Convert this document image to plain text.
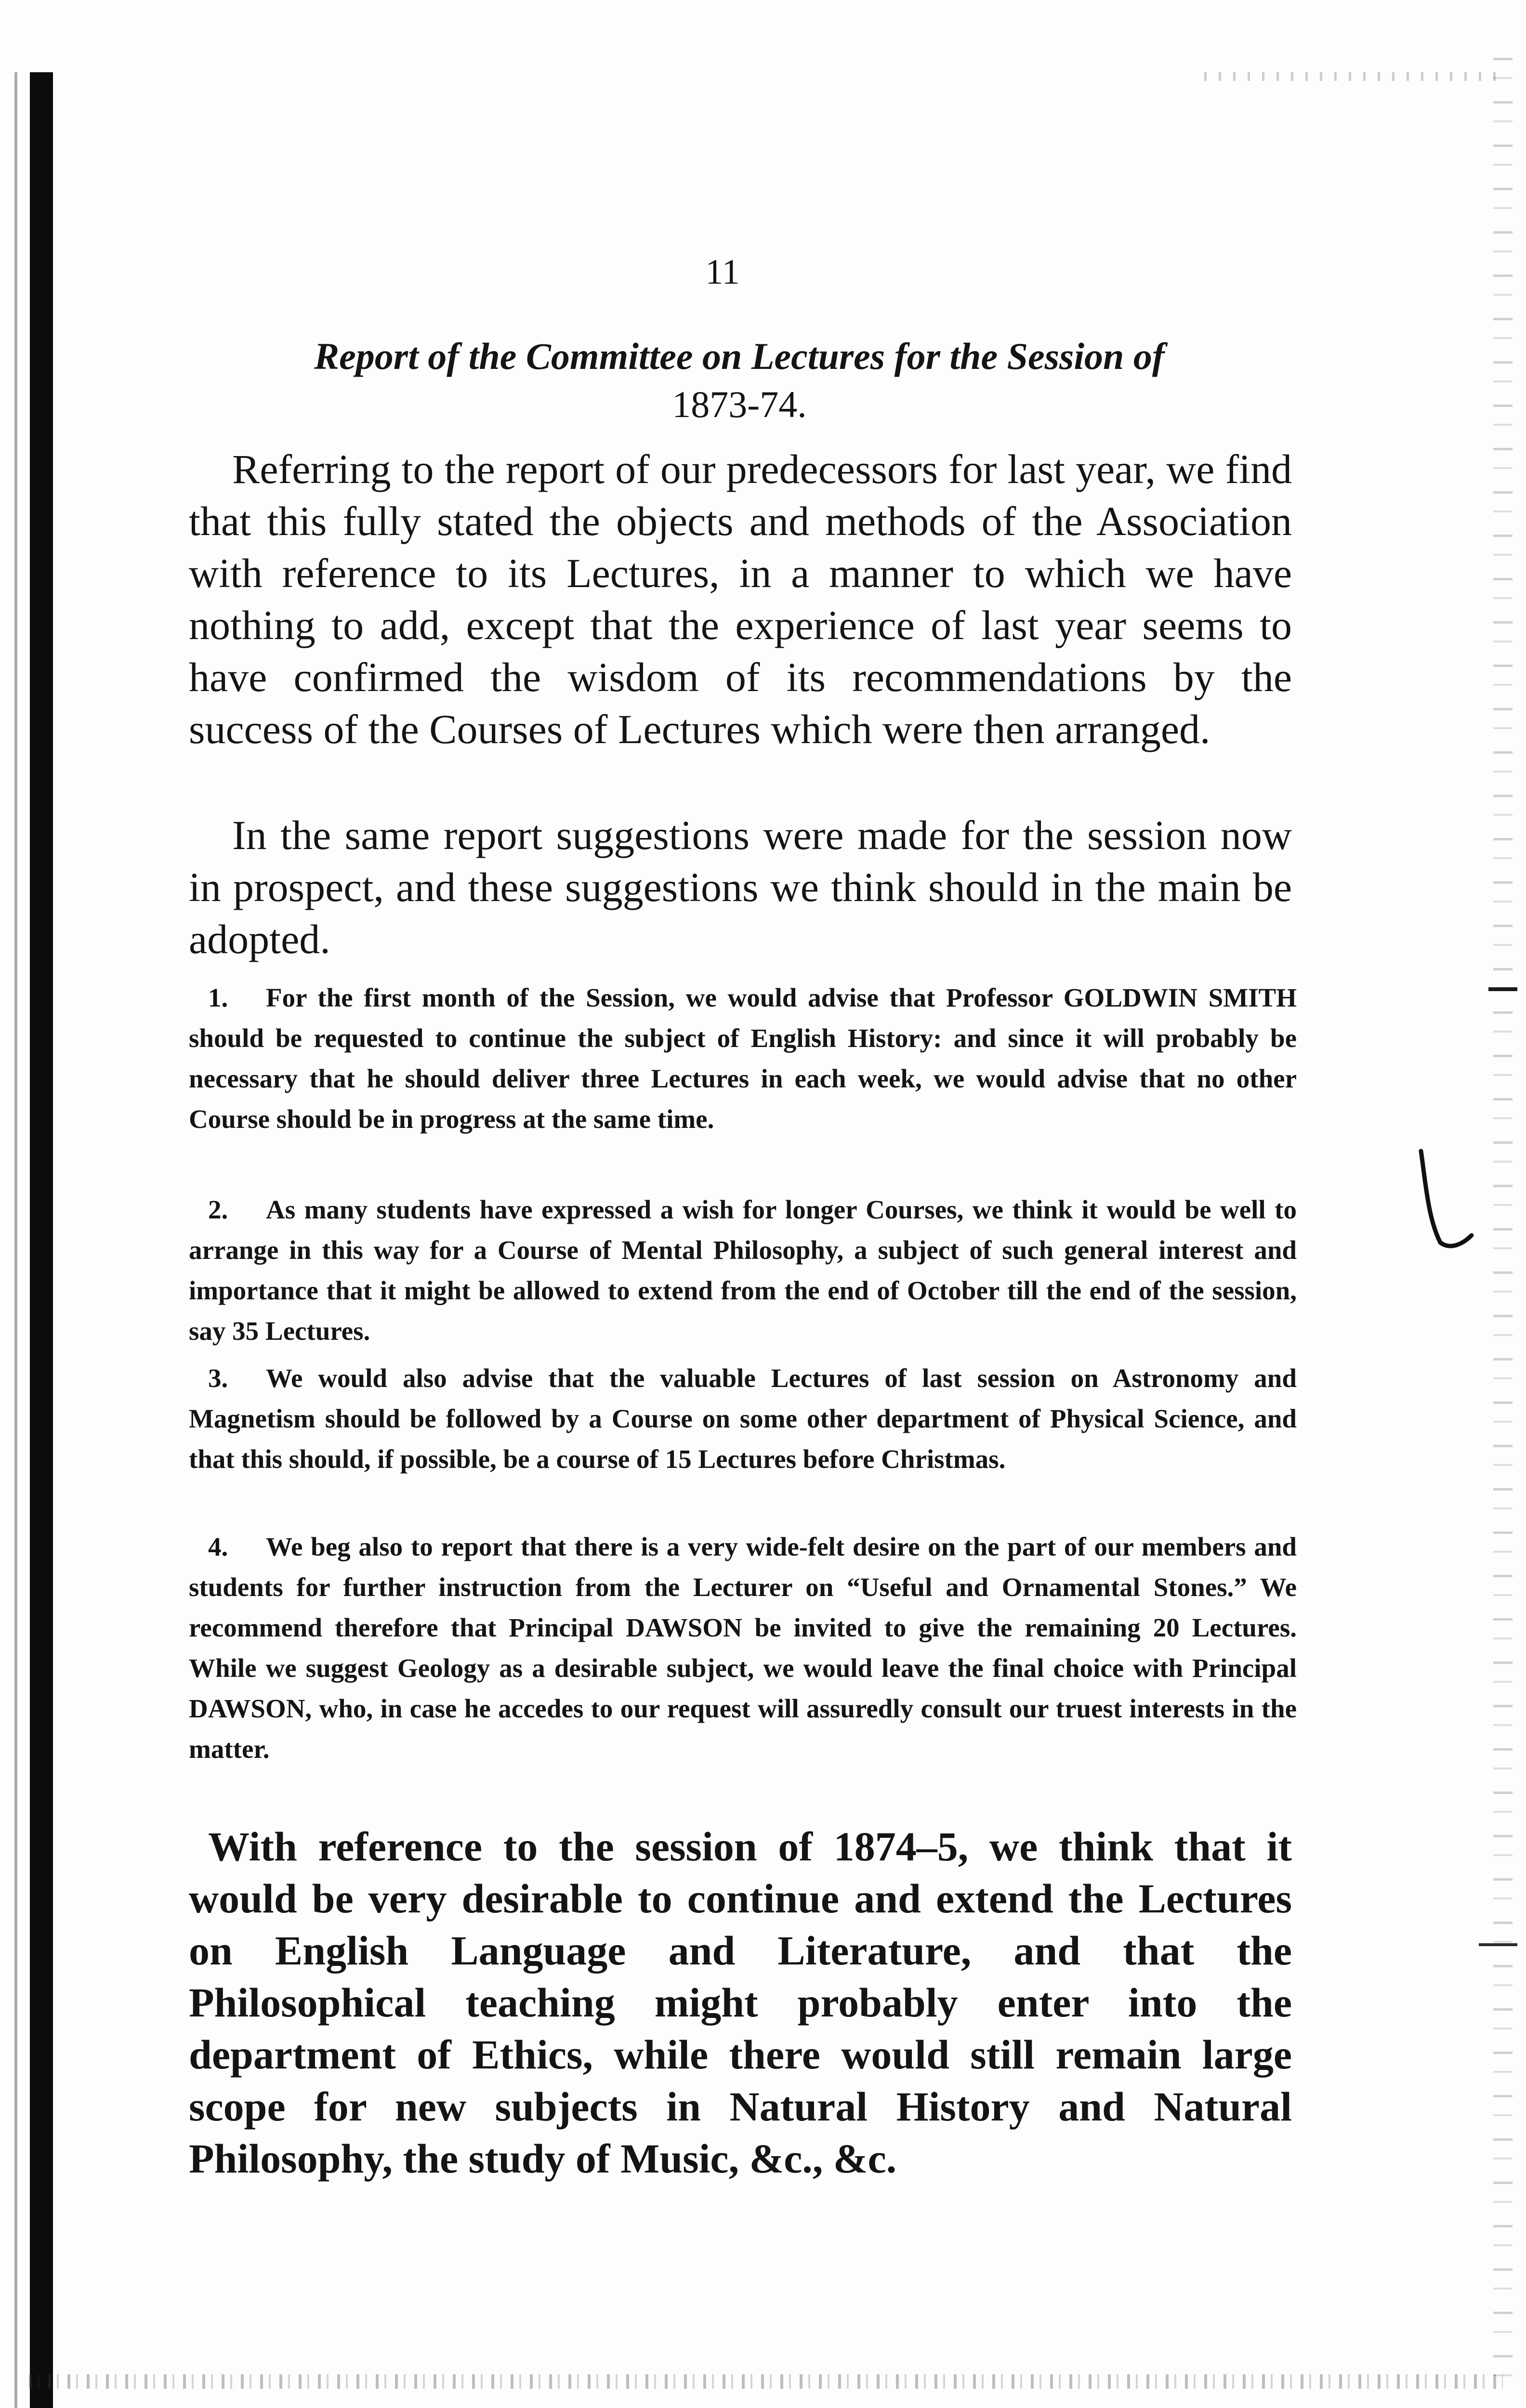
11
Report of the Committee on Lectures for the Session of
1873-74.
Referring to the report of our predecessors for last year, we find that this fully stated the objects and methods of the Association with reference to its Lectures, in a manner to which we have nothing to add, except that the experience of last year seems to have confirmed the wisdom of its recommendations by the success of the Courses of Lectures which were then arranged.
In the same report suggestions were made for the session now in prospect, and these suggestions we think should in the main be adopted.
1. For the first month of the Session, we would advise that Professor GOLDWIN SMITH should be requested to continue the subject of English History: and since it will probably be necessary that he should deliver three Lectures in each week, we would advise that no other Course should be in progress at the same time.
2. As many students have expressed a wish for longer Courses, we think it would be well to arrange in this way for a Course of Mental Philosophy, a subject of such general interest and importance that it might be allowed to extend from the end of October till the end of the session, say 35 Lectures.
3. We would also advise that the valuable Lectures of last session on Astronomy and Magnetism should be followed by a Course on some other department of Physical Science, and that this should, if possible, be a course of 15 Lectures before Christmas.
4. We beg also to report that there is a very wide-felt desire on the part of our members and students for further instruction from the Lecturer on “Useful and Ornamental Stones.” We recommend therefore that Principal DAWSON be invited to give the remaining 20 Lectures. While we suggest Geology as a desirable subject, we would leave the final choice with Principal DAWSON, who, in case he accedes to our request will assuredly consult our truest interests in the matter.
With reference to the session of 1874–5, we think that it would be very desirable to continue and extend the Lectures on English Language and Literature, and that the Philosophical teaching might probably enter into the department of Ethics, while there would still remain large scope for new subjects in Natural History and Natural Philosophy, the study of Music, &c., &c.
